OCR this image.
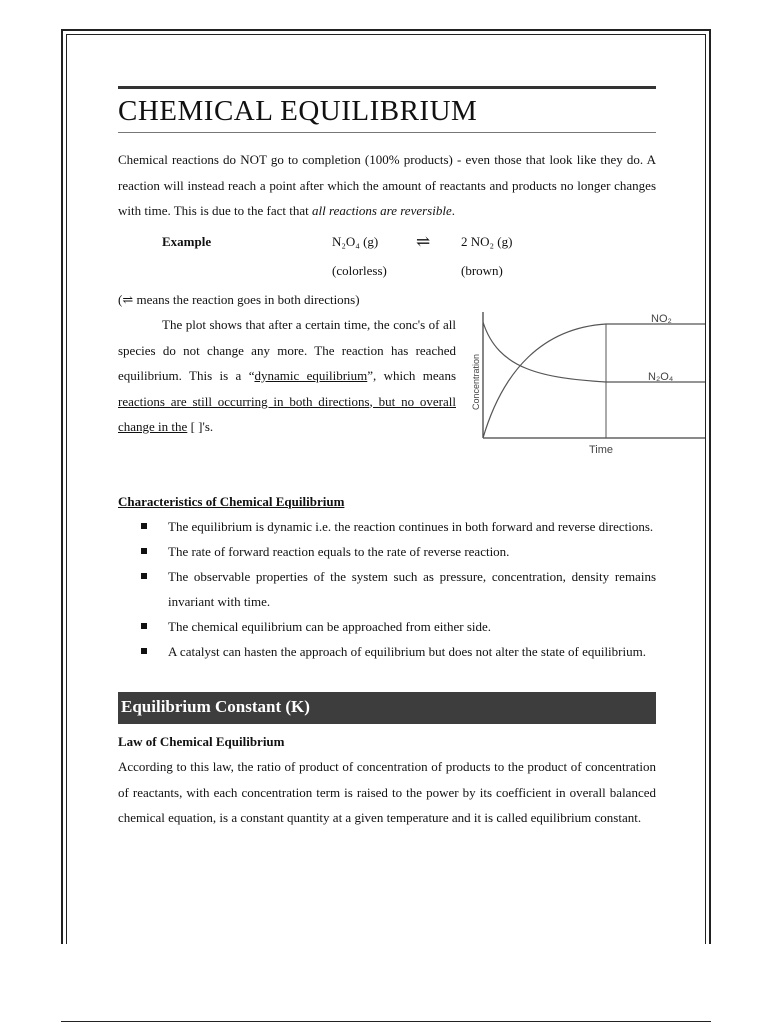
CHEMICAL EQUILIBRIUM

Chemical reactions do NOT go to completion (100% products) - even those that look like they do. A reaction will instead reach a point after which the amount of reactants and products no longer changes with time. This is due to the fact that all reactions are reversible.

Example	N₂O₄ (g) ⇌ 2 NO₂ (g)
(colorless)	(brown)

(⇌ means the reaction goes in both directions)

The plot shows that after a certain time, the conc's of all species do not change any more. The reaction has reached equilibrium. This is a “dynamic equilibrium”, which means reactions are still occurring in both directions, but no overall change in the [ ]'s.

NO₂
N₂O₄
Time
Concentration
Characteristics of Chemical Equilibrium
The equilibrium is dynamic i.e. the reaction continues in both forward and reverse directions.
The rate of forward reaction equals to the rate of reverse reaction.
The observable properties of the system such as pressure, concentration, density remains invariant with time.
The chemical equilibrium can be approached from either side.
A catalyst can hasten the approach of equilibrium but does not alter the state of equilibrium.
Equilibrium Constant (K)
Law of Chemical Equilibrium

According to this law, the ratio of product of concentration of products to the product of concentration of reactants, with each concentration term is raised to the power by its coefficient in overall balanced chemical equation, is a constant quantity at a given temperature and it is called equilibrium constant.
